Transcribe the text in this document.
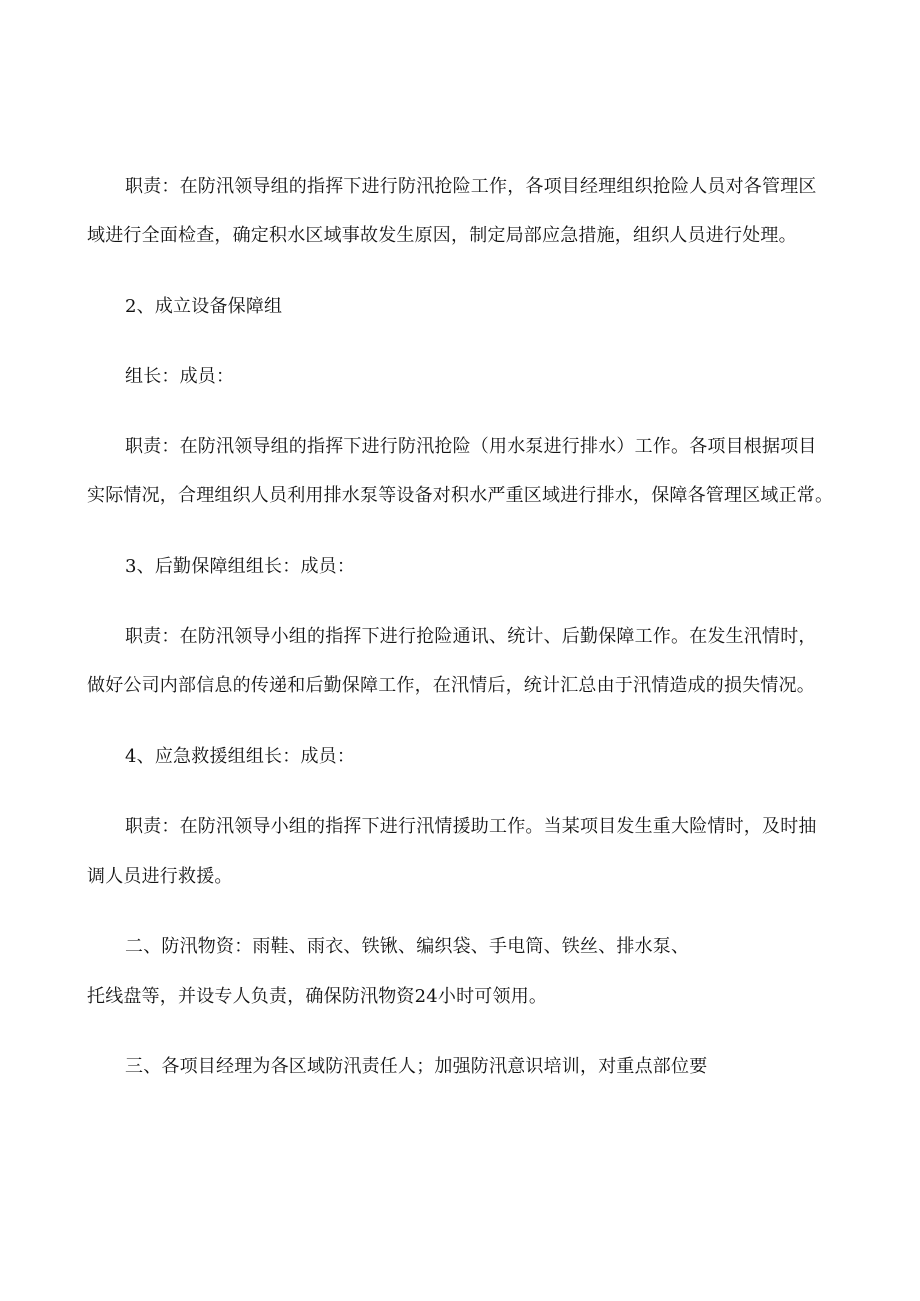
职责：在防汛领导组的指挥下进行防汛抢险工作，各项目经理组织抢险人员对各管理区
域进行全面检查，确定积水区域事故发生原因，制定局部应急措施，组织人员进行处理。
2、成立设备保障组
组长：成员：
职责：在防汛领导组的指挥下进行防汛抢险（用水泵进行排水）工作。各项目根据项目
实际情况，合理组织人员利用排水泵等设备对积水严重区域进行排水，保障各管理区域正常。
3、后勤保障组组长：成员：
职责：在防汛领导小组的指挥下进行抢险通讯、统计、后勤保障工作。在发生汛情时，
做好公司内部信息的传递和后勤保障工作，在汛情后，统计汇总由于汛情造成的损失情况。
4、应急救援组组长：成员：
职责：在防汛领导小组的指挥下进行汛情援助工作。当某项目发生重大险情时，及时抽
调人员进行救援。
二、防汛物资：雨鞋、雨衣、铁锹、编织袋、手电筒、铁丝、排水泵、
托线盘等，并设专人负责，确保防汛物资24小时可领用。
三、各项目经理为各区域防汛责任人；加强防汛意识培训，对重点部位要
